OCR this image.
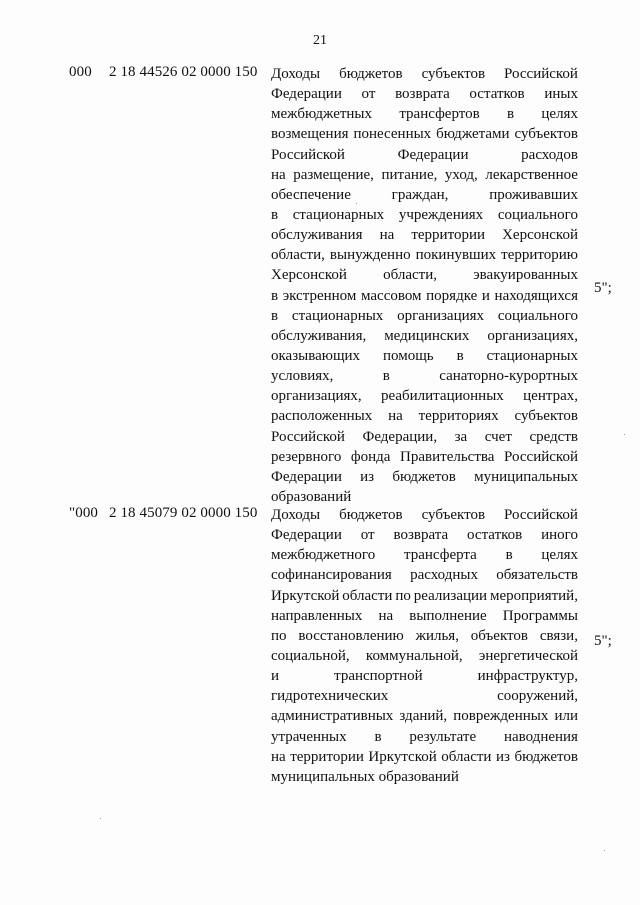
21
000 2 18 44526 02 0000 150 Доходы бюджетов субъектов Российской
Федерации от возврата остатков иных
межбюджетных трансфертов в целях
возмещения понесенных бюджетами субъектов
Российской	Федерации	расходов
на размещение, питание, уход, лекарственное
обеспечение	граждан,	проживавших
в стационарных учреждениях социального
обслуживания на территории Херсонской
области, вынужденно покинувших территорию
Херсонской области, эвакуированных
в экстренном массовом порядке и находящихся
в стационарных организациях социального
обслуживания, медицинских организациях,
оказывающих помощь в стационарных
условиях,	в	санаторно-курортных
организациях, реабилитационных центрах,
расположенных на территориях субъектов
Российской Федерации, за счет средств
резервного фонда Правительства Российской
Федерации из бюджетов муниципальных
образований
5";
"000 2 18 45079 02 0000 150 Доходы бюджетов субъектов Российской
Федерации от возврата остатков иного
межбюджетного трансферта в целях
софинансирования расходных обязательств
Иркутской области по реализации мероприятий,
направленных на выполнение Программы
по восстановлению жилья, объектов связи,
социальной, коммунальной, энергетической
и	транспортной	инфраструктур,
гидротехнических	сооружений,
административных зданий, поврежденных или
утраченных в результате наводнения
на территории Иркутской области из бюджетов
муниципальных образований
5";
